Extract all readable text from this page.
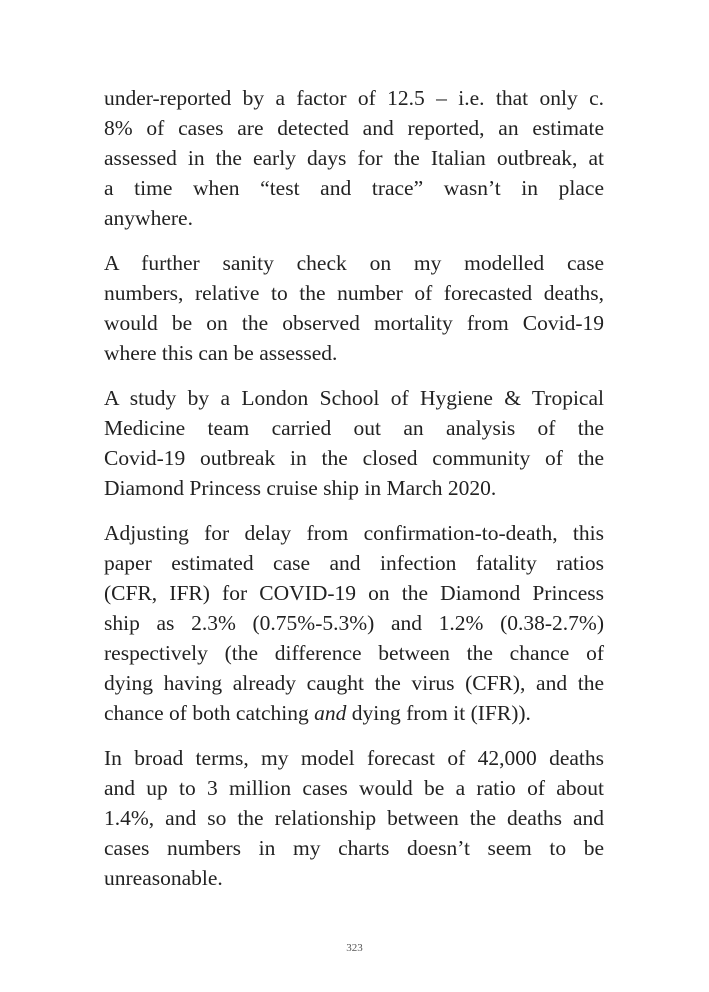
under-reported by a factor of 12.5 – i.e. that only c.
8% of cases are detected and reported, an estimate
assessed in the early days for the Italian outbreak, at
a time when “test and trace” wasn’t in place
anywhere.

A further sanity check on my modelled case
numbers, relative to the number of forecasted deaths,
would be on the observed mortality from Covid-19
where this can be assessed.

A study by a London School of Hygiene & Tropical
Medicine team carried out an analysis of the
Covid-19 outbreak in the closed community of the
Diamond Princess cruise ship in March 2020.

Adjusting for delay from confirmation-to-death, this
paper estimated case and infection fatality ratios
(CFR, IFR) for COVID-19 on the Diamond Princess
ship as 2.3% (0.75%-5.3%) and 1.2% (0.38-2.7%)
respectively (the difference between the chance of
dying having already caught the virus (CFR), and the
chance of both catching and dying from it (IFR)).

In broad terms, my model forecast of 42,000 deaths
and up to 3 million cases would be a ratio of about
1.4%, and so the relationship between the deaths and
cases numbers in my charts doesn’t seem to be
unreasonable.

323
